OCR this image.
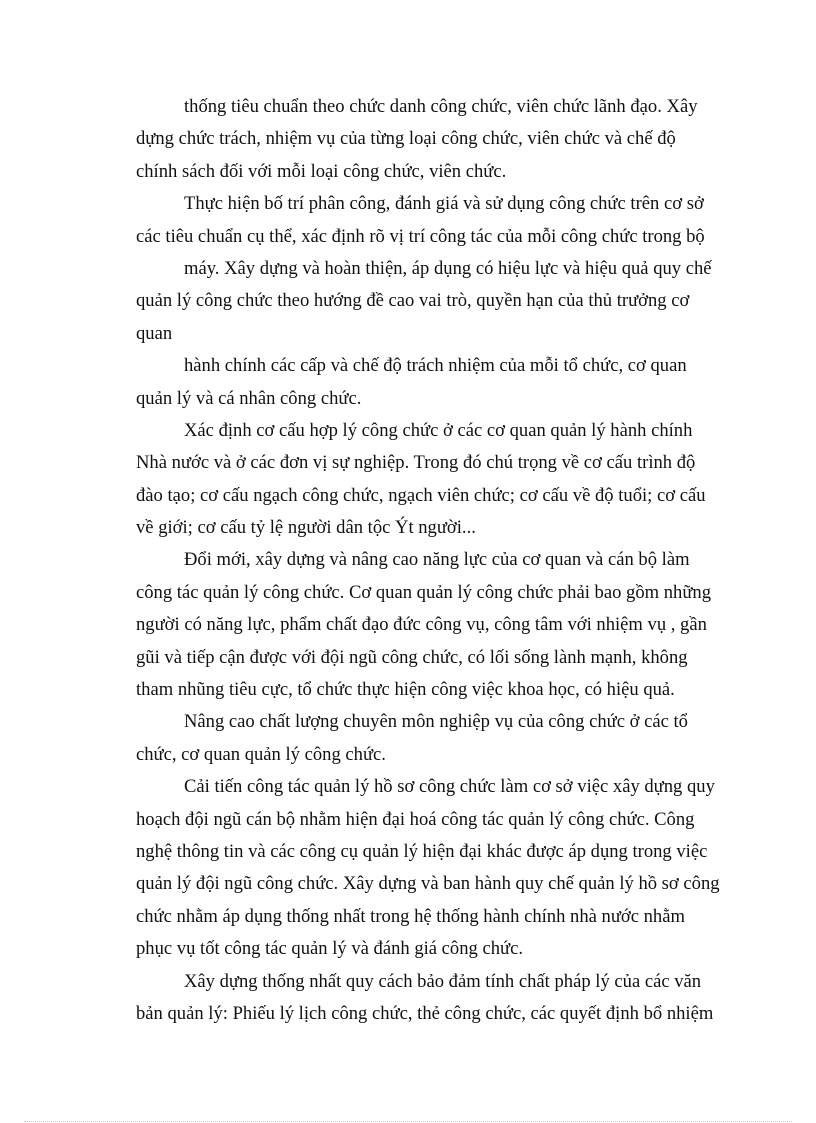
thống tiêu chuẩn theo chức danh công chức, viên chức lãnh đạo. Xây
dựng chức trách, nhiệm vụ của từng loại công chức, viên chức và chế độ
chính sách đối với mỗi loại công chức, viên chức.
Thực hiện bố trí phân công, đánh giá và sử dụng công chức trên cơ sở
các tiêu chuẩn cụ thể, xác định rõ vị trí công tác của mỗi công chức trong bộ
máy. Xây dựng và hoàn thiện, áp dụng có hiệu lực và hiệu quả quy chế
quản lý công chức theo hướng đề cao vai trò, quyền hạn của thủ trưởng cơ
quan
hành chính các cấp và chế độ trách nhiệm của mỗi tổ chức, cơ quan
quản lý và cá nhân công chức.
Xác định cơ cấu hợp lý công chức ở các cơ quan quản lý hành chính
Nhà nước và ở các đơn vị sự nghiệp. Trong đó chú trọng về cơ cấu trình độ
đào tạo; cơ cấu ngạch công chức, ngạch viên chức; cơ cấu về độ tuổi; cơ cấu
về giới; cơ cấu tỷ lệ người dân tộc Ýt người...
Đổi mới, xây dựng và nâng cao năng lực của cơ quan và cán bộ làm
công tác quản lý công chức. Cơ quan quản lý công chức phải bao gồm những
người có năng lực, phẩm chất đạo đức công vụ, công tâm với nhiệm vụ , gần
gũi và tiếp cận được với đội ngũ công chức, có lối sống lành mạnh, không
tham nhũng tiêu cực, tổ chức thực hiện công việc khoa học, có hiệu quả.
Nâng cao chất lượng chuyên môn nghiệp vụ của công chức ở các tổ
chức, cơ quan quản lý công chức.
Cải tiến công tác quản lý hồ sơ công chức làm cơ sở việc xây dựng quy
hoạch đội ngũ cán bộ nhằm hiện đại hoá công tác quản lý công chức. Công
nghệ thông tin và các công cụ quản lý hiện đại khác được áp dụng trong việc
quản lý đội ngũ công chức. Xây dựng và ban hành quy chế quản lý hồ sơ công
chức nhằm áp dụng thống nhất trong hệ thống hành chính nhà nước nhằm
phục vụ tốt công tác quản lý và đánh giá công chức.
Xây dựng thống nhất quy cách bảo đảm tính chất pháp lý của các văn
bản quản lý: Phiếu lý lịch công chức, thẻ công chức, các quyết định bổ nhiệm
